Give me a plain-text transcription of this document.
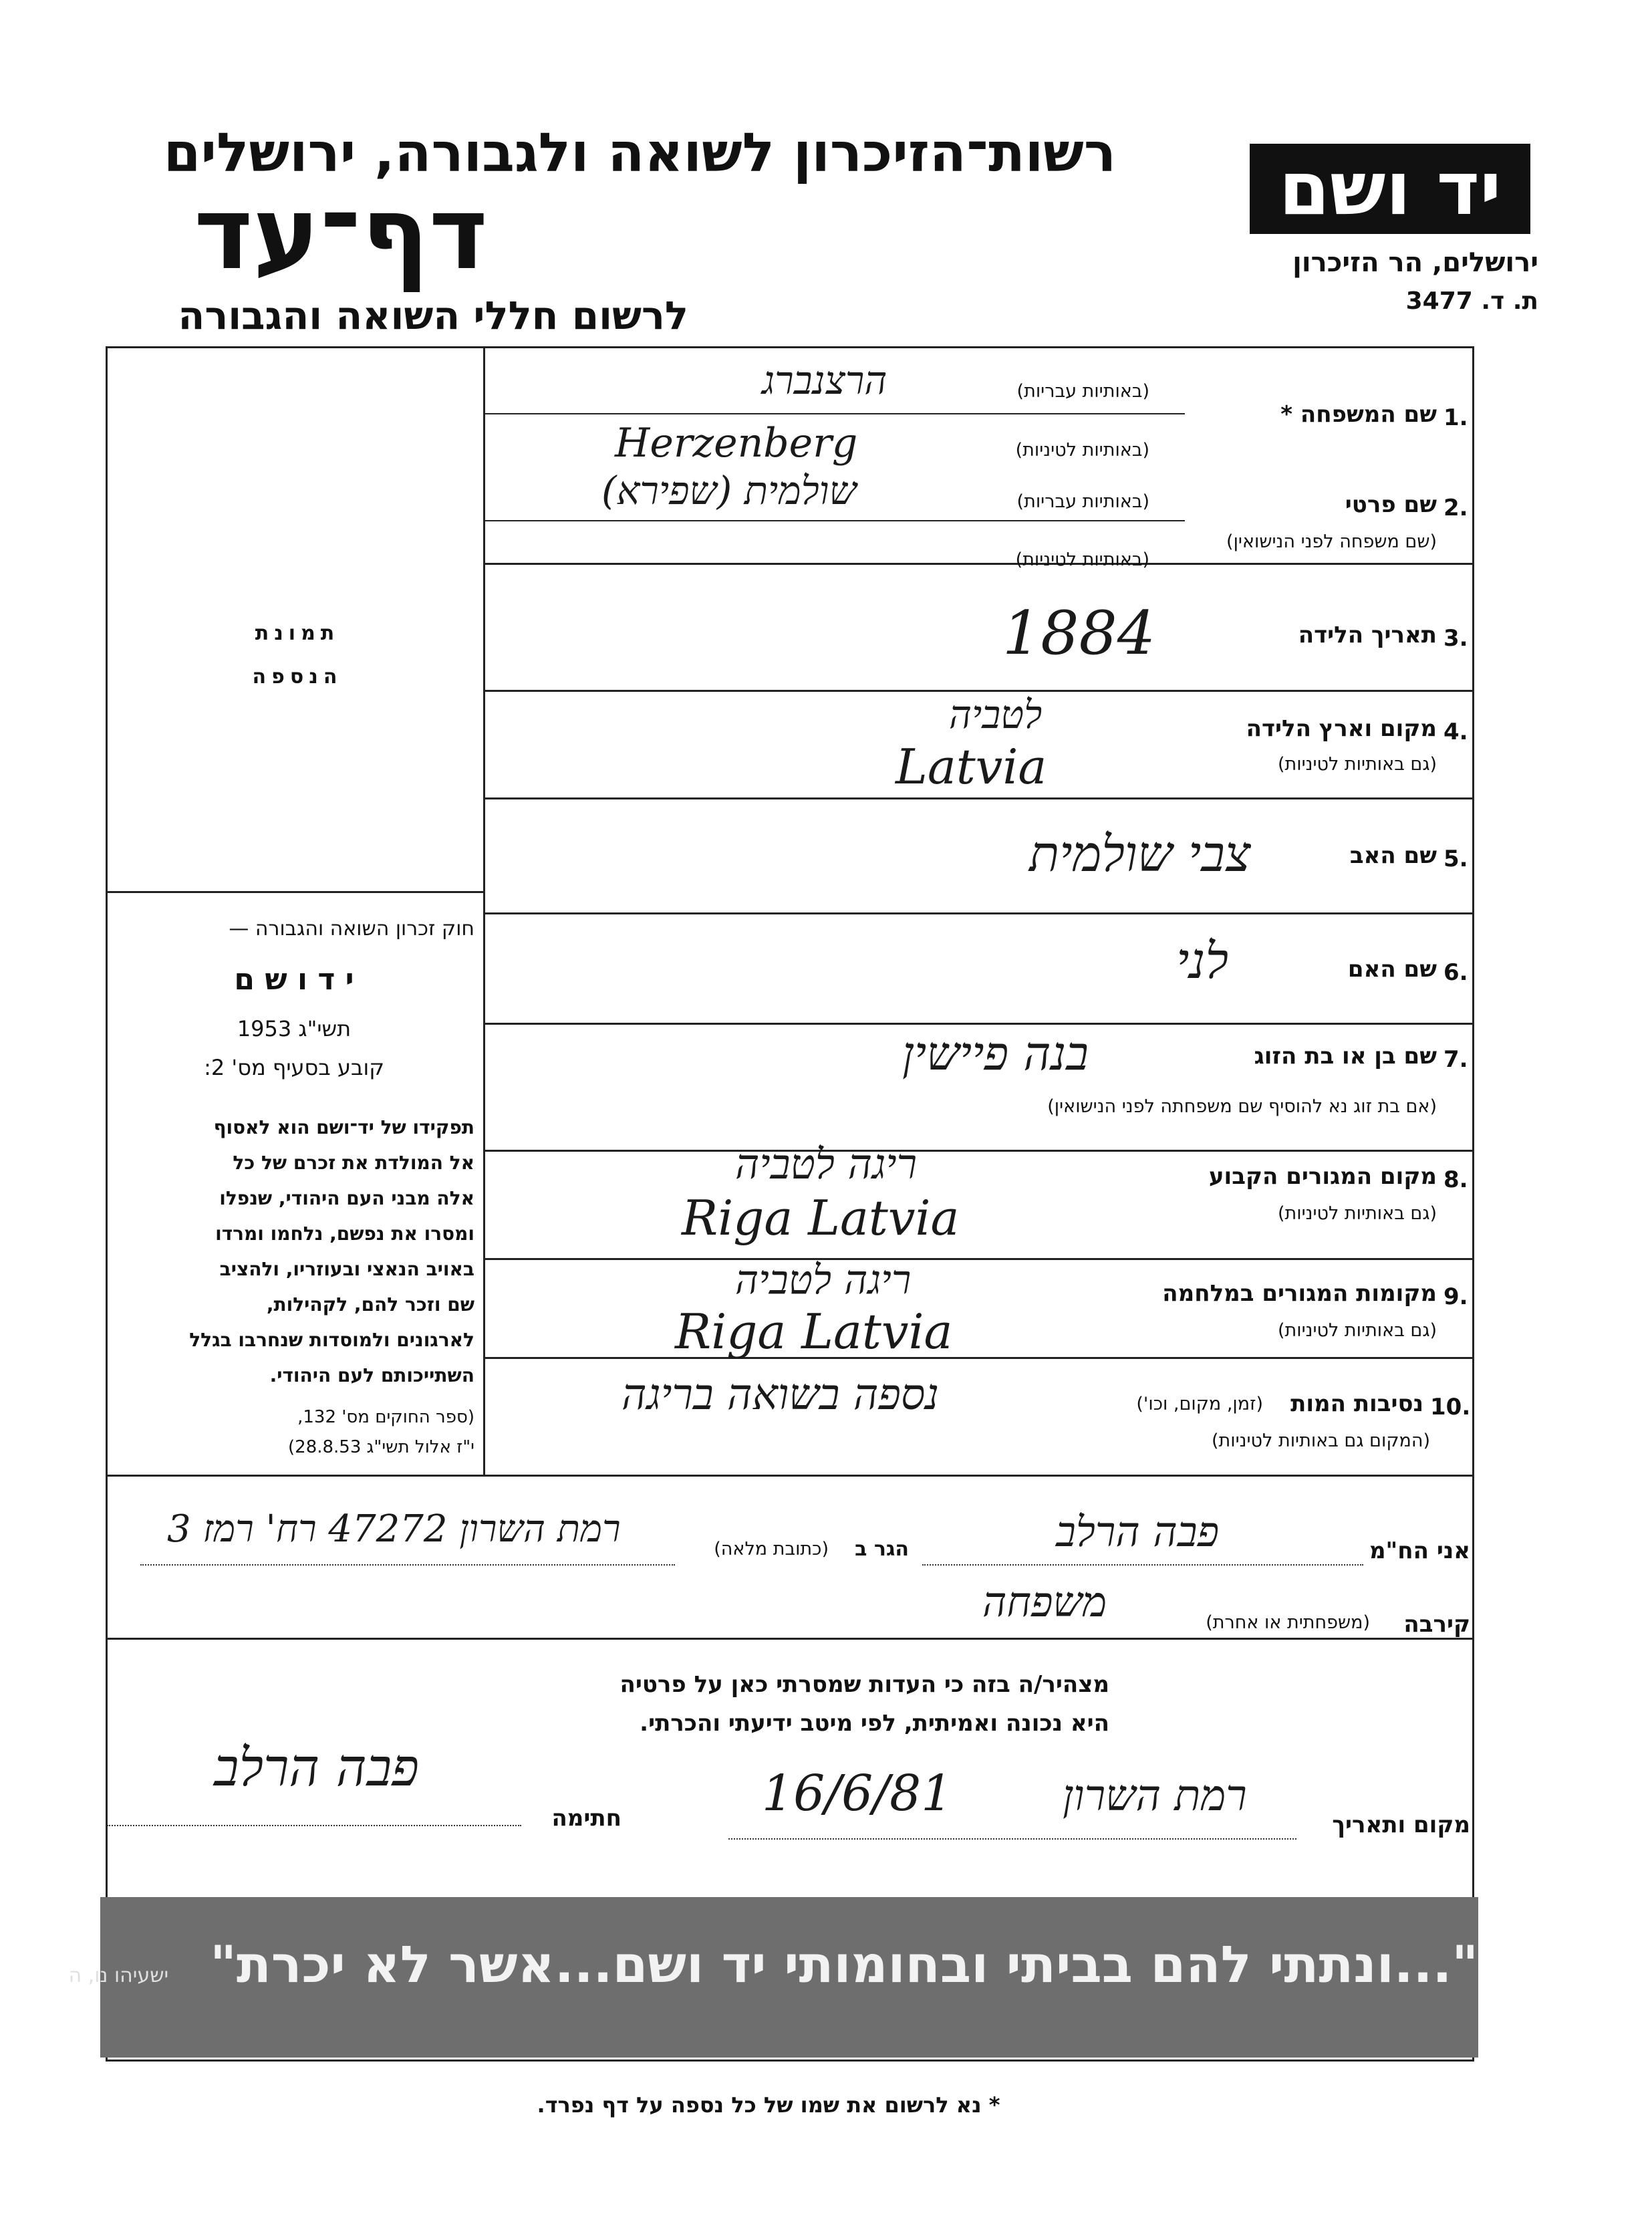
יד ושם
ירושלים, הר הזיכרון
ת. ד. 3477
רשות־הזיכרון לשואה ולגבורה, ירושלים
דף־עד
לרשום חללי השואה והגבורה
תמונת
הנספה
חוק זכרון השואה והגבורה —
י ד ו ש ם
תשי"ג 1953
קובע בסעיף מס' 2:
תפקידו של יד־ושם הוא לאסוף
אל המולדת את זכרם של כל
אלה מבני העם היהודי, שנפלו
ומסרו את נפשם, נלחמו ומרדו
באויב הנאצי ובעוזריו, ולהציב
שם וזכר להם, לקהילות,
לארגונים ולמוסדות שנחרבו בגלל
השתייכותם לעם היהודי.
(ספר החוקים מס' 132,
י"ז אלול תשי"ג 28.8.53)
1.
שם המשפחה *
(באותיות עבריות)
(באותיות לטיניות)
הרצנברג
Herzenberg
2.
שם פרטי
(שם משפחה לפני הנישואין)
(באותיות עבריות)
(באותיות לטיניות)
שולמית (שפירא)
3.
תאריך הלידה
1884
4.
מקום וארץ הלידה
(גם באותיות לטיניות)
לטביה
Latvia
5.
שם האב
צבי שולמית
6.
שם האם
לני
7.
שם בן או בת הזוג
(אם בת זוג נא להוסיף שם משפחתה לפני הנישואין)
בנה פיישין
8.
מקום המגורים הקבוע
(גם באותיות לטיניות)
ריגה לטביה
Riga Latvia
9.
מקומות המגורים במלחמה
(גם באותיות לטיניות)
ריגה לטביה
Riga Latvia
10.
נסיבות המות
(זמן, מקום, וכו')
(המקום גם באותיות לטיניות)
נספה בשואה בריגה
אני הח"מ
פבה הרלב
הגר ב
(כתובת מלאה)
רמת השרון 47272 רח' רמז 3
קירבה
(משפחתית או אחרת)
משפחה
מצהיר/ה בזה כי העדות שמסרתי כאן על פרטיה
היא נכונה ואמיתית, לפי מיטב ידיעתי והכרתי.
מקום ותאריך
רמת השרון
16/6/81
חתימה
פבה הרלב
"...ונתתי להם בביתי ובחומותי יד ושם...אשר לא יכרת" ישעיהו נו, ה
* נא לרשום את שמו של כל נספה על דף נפרד.
